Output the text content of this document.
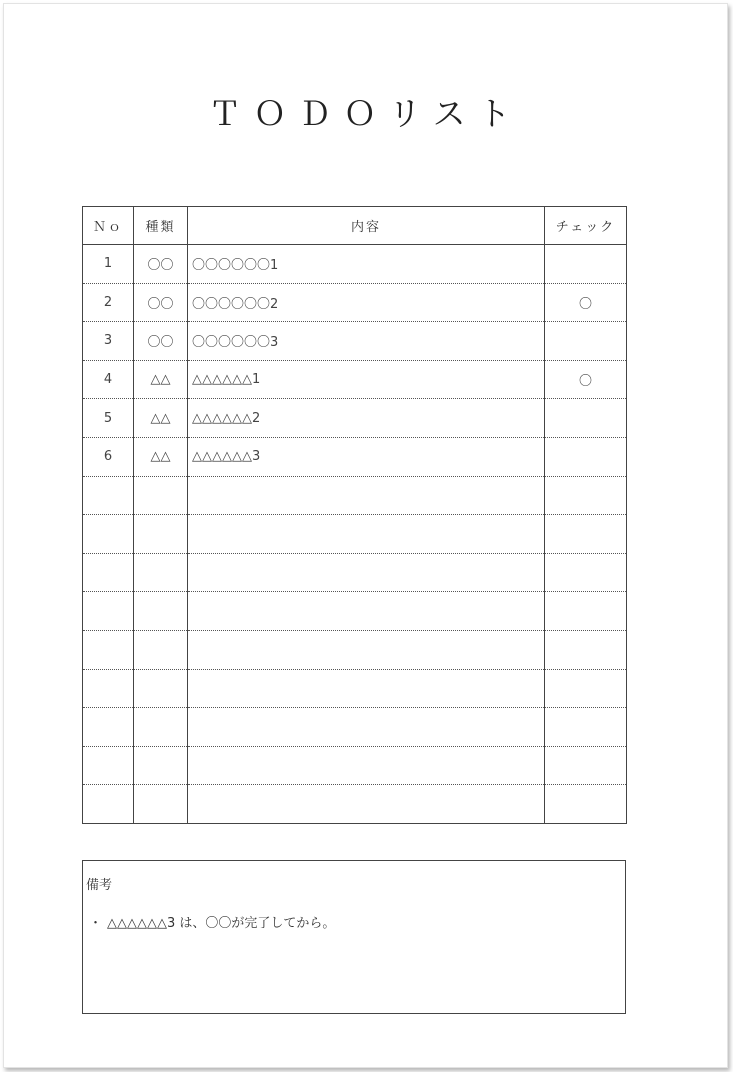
ＴＯＤＯリスト
Ｎｏ	種類	内容	チェック
1	〇〇	〇〇〇〇〇〇1	
2	〇〇	〇〇〇〇〇〇2	〇
3	〇〇	〇〇〇〇〇〇3	
4	△△	△△△△△△1	〇
5	△△	△△△△△△2	
6	△△	△△△△△△3	

備考
・ △△△△△△3 は、〇〇が完了してから。
